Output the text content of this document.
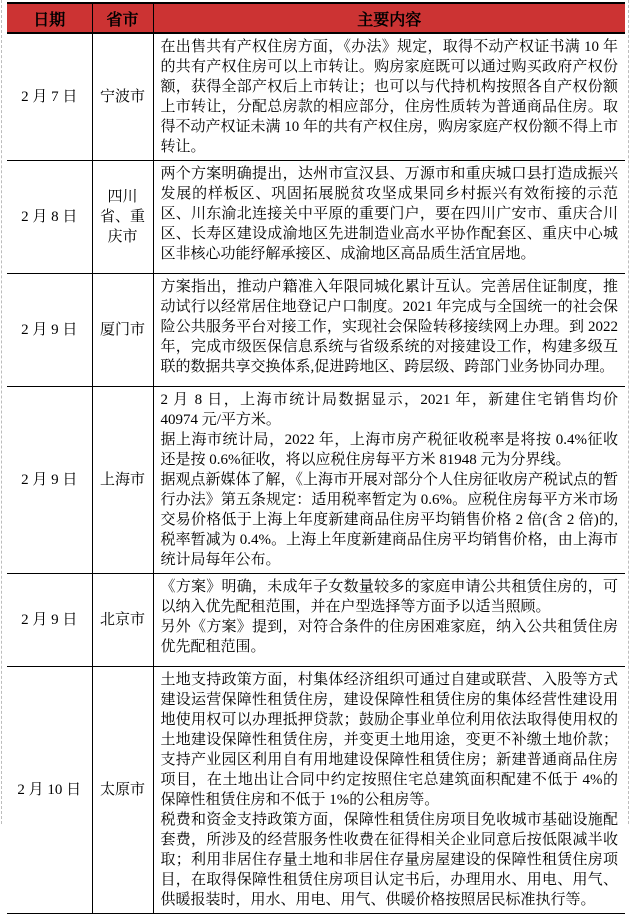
日期	省市	主要内容
2 月 7 日	宁波市	在出售共有产权住房方面，《办法》规定，取得不动产权证书满 10 年的共有产权住房可以上市转让。购房家庭既可以通过购买政府产权份额，获得全部产权后上市转让；也可以与代持机构按照各自产权份额上市转让，分配总房款的相应部分，住房性质转为普通商品住房。取得不动产权证未满 10 年的共有产权住房，购房家庭产权份额不得上市转让。

2 月 8 日	四川省、重庆市	两个方案明确提出，达州市宣汉县、万源市和重庆城口县打造成振兴发展的样板区、巩固拓展脱贫攻坚成果同乡村振兴有效衔接的示范区、川东渝北连接关中平原的重要门户，要在四川广安市、重庆合川区、长寿区建设成渝地区先进制造业高水平协作配套区、重庆中心城区非核心功能纾解承接区、成渝地区高品质生活宜居地。

2 月 9 日	厦门市	方案指出，推动户籍准入年限同城化累计互认。完善居住证制度，推动试行以经常居住地登记户口制度。2021 年完成与全国统一的社会保险公共服务平台对接工作，实现社会保险转移接续网上办理。到 2022 年，完成市级医保信息系统与省级系统的对接建设工作，构建多级互联的数据共享交换体系,促进跨地区、跨层级、跨部门业务协同办理。

2 月 9 日	上海市	2 月 8 日，上海市统计局数据显示，2021 年，新建住宅销售均价 40974 元/平方米。
据上海市统计局，2022 年，上海市房产税征收税率是将按 0.4%征收还是按 0.6%征收，将以应税住房每平方米 81948 元为分界线。
据观点新媒体了解，《上海市开展对部分个人住房征收房产税试点的暂行办法》第五条规定：适用税率暂定为 0.6%。应税住房每平方米市场交易价格低于上海上年度新建商品住房平均销售价格 2 倍(含 2 倍)的,税率暂减为 0.4%。上海上年度新建商品住房平均销售价格，由上海市统计局每年公布。

2 月 9 日	北京市	《方案》明确，未成年子女数量较多的家庭申请公共租赁住房的，可以纳入优先配租范围，并在户型选择等方面予以适当照顾。
另外《方案》提到，对符合条件的住房困难家庭，纳入公共租赁住房优先配租范围。

2 月 10 日	太原市	土地支持政策方面，村集体经济组织可通过自建或联营、入股等方式建设运营保障性租赁住房，建设保障性租赁住房的集体经营性建设用地使用权可以办理抵押贷款；鼓励企事业单位利用依法取得使用权的土地建设保障性租赁住房，并变更土地用途，变更不补缴土地价款；支持产业园区利用自有用地建设保障性租赁住房；新建普通商品住房项目，在土地出让合同中约定按照住宅总建筑面积配建不低于 4%的保障性租赁住房和不低于 1%的公租房等。
税费和资金支持政策方面，保障性租赁住房项目免收城市基础设施配套费，所涉及的经营服务性收费在征得相关企业同意后按低限减半收取；利用非居住存量土地和非居住存量房屋建设的保障性租赁住房项目，在取得保障性租赁住房项目认定书后，办理用水、用电、用气、供暖报装时，用水、用电、用气、供暖价格按照居民标准执行等。
